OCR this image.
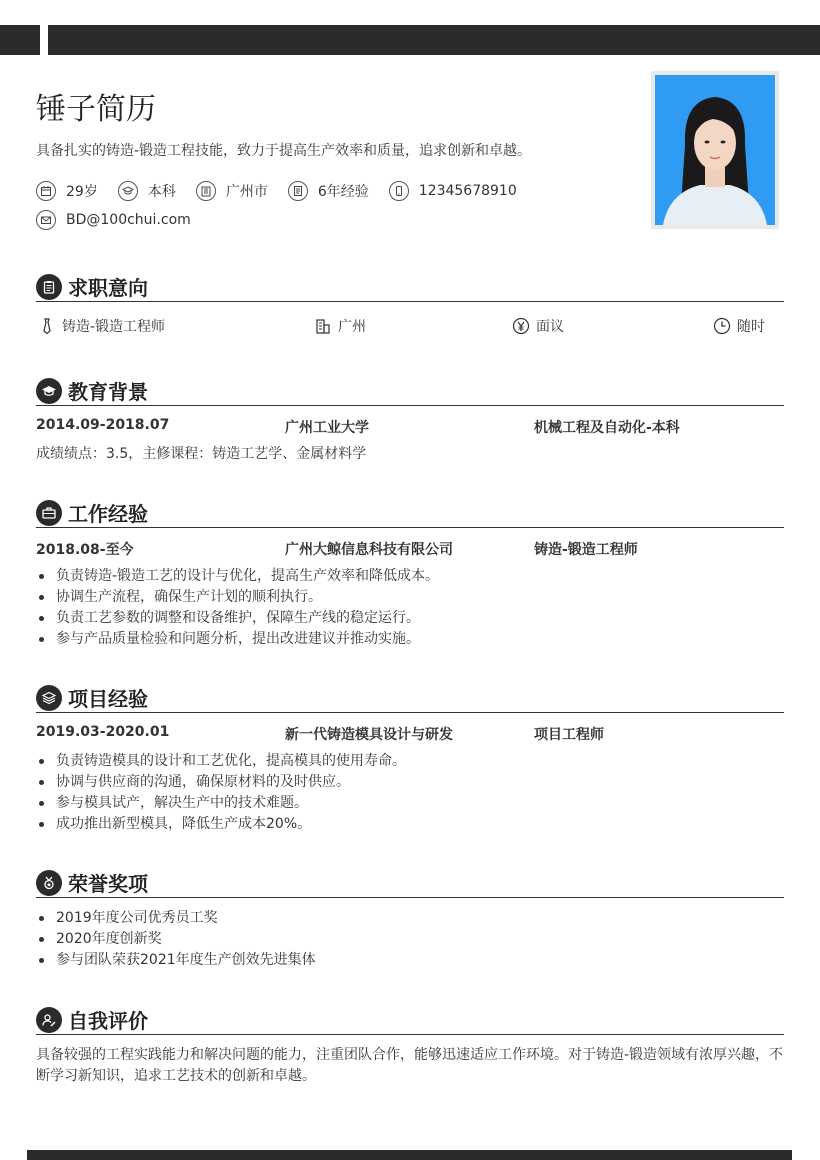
锤子简历
具备扎实的铸造-锻造工程技能，致力于提高生产效率和质量，追求创新和卓越。
29岁	本科	广州市	6年经验	12345678910
BD@100chui.com
求职意向
铸造-锻造工程师	广州	面议	随时
教育背景
2014.09-2018.07	广州工业大学	机械工程及自动化-本科
成绩绩点：3.5，主修课程：铸造工艺学、金属材料学
工作经验
2018.08-至今	广州大鲸信息科技有限公司	铸造-锻造工程师
负责铸造-锻造工艺的设计与优化，提高生产效率和降低成本。
协调生产流程，确保生产计划的顺利执行。
负责工艺参数的调整和设备维护，保障生产线的稳定运行。
参与产品质量检验和问题分析，提出改进建议并推动实施。
项目经验
2019.03-2020.01	新一代铸造模具设计与研发	项目工程师
负责铸造模具的设计和工艺优化，提高模具的使用寿命。
协调与供应商的沟通，确保原材料的及时供应。
参与模具试产，解决生产中的技术难题。
成功推出新型模具，降低生产成本20%。
荣誉奖项
2019年度公司优秀员工奖
2020年度创新奖
参与团队荣获2021年度生产创效先进集体
自我评价
具备较强的工程实践能力和解决问题的能力，注重团队合作，能够迅速适应工作环境。对于铸造-锻造领域有浓厚兴趣，不断学习新知识，追求工艺技术的创新和卓越。
